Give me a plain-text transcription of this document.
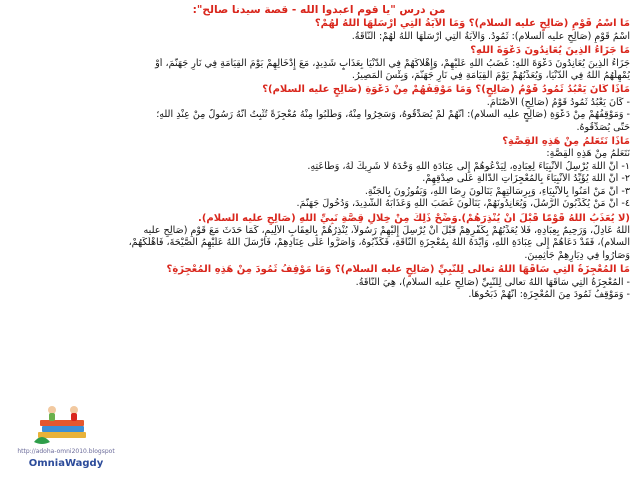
من درس "يا قوم اعبدوا الله - قصة سيدنا صالح":
مَا اسْمُ قَوْمِ (صَالِحٍ عليه السلام)؟ وَمَا الآيَةُ الَّتِي أَرْسَلَهَا اللهُ لَهُمْ؟
اسْمُ قَوْمِ (صَالِحٍ عليه السلام): ثَمُودُ. وَالآيَةُ الَّتِي أَرْسَلَهَا اللهُ لَهُمْ: النَّاقَةُ.
مَا جَزَاءُ الَّذِينَ يُعَانِدُونَ دَعْوَةَ اللهِ؟
جَزَاءُ الَّذِينَ يُعَانِدُونَ دَعْوَةَ اللهِ: غَضَبُ اللهِ عَلَيْهِمْ، وَإِهْلاكُهُمْ فِي الدُّنْيَا بِعَذَابٍ شَدِيدٍ، مَعَ إِدْخَالِهِمْ يَوْمَ القِيَامَةِ فِي نَارِ جَهَنَّمَ، أَوْ
يُمْهِلُهُمُ اللهُ فِي الدُّنْيَا، وَيُعَذِّبُهُمْ يَوْمَ القِيَامَةِ فِي نَارِ جَهَنَّمَ، وَبِئْسَ الْمَصِيرُ.
مَاذَا كَانَ يَعْبُدُ ثَمُودُ قَوْمُ (صَالِحٍ)؟ وَمَا مَوْقِفُهُمْ مِنْ دَعْوَةِ (صَالِحٍ عليه السلام)؟
- كَانَ يَعْبُدُ ثَمُودُ قَوْمُ (صَالِحٍ) الأَصْنَامَ.
- وَمَوْقِفُهُمْ مِنْ دَعْوَةِ (صَالِحٍ عليه السلام): أَنَّهُمْ لَمْ يُصَدِّقُوهُ، وَسَخِرُوا مِنْهُ، وَطَلَبُوا مِنْهُ مُعْجِزَةً تُثْبِتُ أَنَّهُ رَسُولٌ مِنْ عِنْدِ اللهِ؛
حَتَّى يُصَدِّقُوهُ.
مَاذَا نَتَعَلَّمُ مِنْ هَذِهِ القِصَّةِ؟
نَتَعَلَّمُ مِنْ هَذِهِ القِصَّةِ:
١- أَنَّ اللهَ يُرْسِلُ الأَنْبِيَاءَ لِعِبَادِهِ، لِيَدْعُوهُمْ إِلَى عِبَادَةِ اللهِ وَحْدَهُ لا شَرِيكَ لَهُ، وَطَاعَتِهِ.
٢- أَنَّ اللهَ يُؤَيِّدُ الأَنْبِيَاءَ بِالْمُعْجِزَاتِ الدَّالَّةِ عَلَى صِدْقِهِمْ.
٣- أَنَّ مَنْ آمَنُوا بِالأَنْبِيَاءِ، وَبِرِسَالَتِهِمْ يَنَالُونَ رِضَا اللهِ، وَيَفُوزُونَ بِالْجَنَّةِ.
٤- أَنَّ مَنْ يُكَذِّبُونَ الرُّسُلَ، وَيُعَانِدُونَهُمْ، يَنَالُونَ غَضَبَ اللهِ وَعَذَابَهُ الشَّدِيدَ، وَدُخُولَ جَهَنَّمَ.
(لا يُعَذِّبُ اللهُ قَوْمًا قَبْلَ أَنْ يُنْذِرَهُمْ).وَضِّحْ ذَلِكَ مِنْ خِلالِ قِصَّةِ نَبِيِّ اللهِ (صَالِحٍ عليه السلام).
اللهُ عَادِلٌ، وَرَحِيمٌ بِعِبَادِهِ، فَلا يُعَذِّبُهُمْ بِكُفْرِهِمْ قَبْلَ أَنْ يُرْسِلَ إِلَيْهِمْ رَسُولاً، يُنْذِرُهُمْ بِالْعِقَابِ الأَلِيمِ، كَمَا حَدَثَ مَعَ قَوْمِ (صَالِحٍ عليه
السلام)، فَقَدْ دَعَاهُمْ إِلَى عِبَادَةِ اللهِ، وَأَيَّدَهُ اللهُ بِمُعْجِزَةِ النَّاقَةِ، فَكَذَّبُوهُ، وَأَصَرُّوا عَلَى عِنَادِهِمْ، فَأَرْسَلَ اللهُ عَلَيْهِمُ الصَّيْحَةَ، فَأَهْلَكَهُمْ،
وَصَارُوا فِي دِيَارِهِمْ جَاثِمِينَ.
مَا الْمُعْجِزَةُ الَّتِي سَاقَهَا اللهُ تعالى لِلنَّبِيِّ (صَالِحٍ عليه السلام)؟ وَمَا مَوْقِفُ ثَمُودَ مِنْ هَذِهِ الْمُعْجِزَةِ؟
- الْمُعْجِزَةُ الَّتِي سَاقَهَا اللهُ تعالى لِلنَّبِيِّ (صَالِحٍ عليه السلام)، هِيَ النَّاقَةُ.
- وَمَوْقِفُ ثَمُودَ مِنَ الْمُعْجِزَةِ: أَنَّهُمْ ذَبَحُوهَا.
http://adoha-omni2010.blogspot
OmniaWagdy
